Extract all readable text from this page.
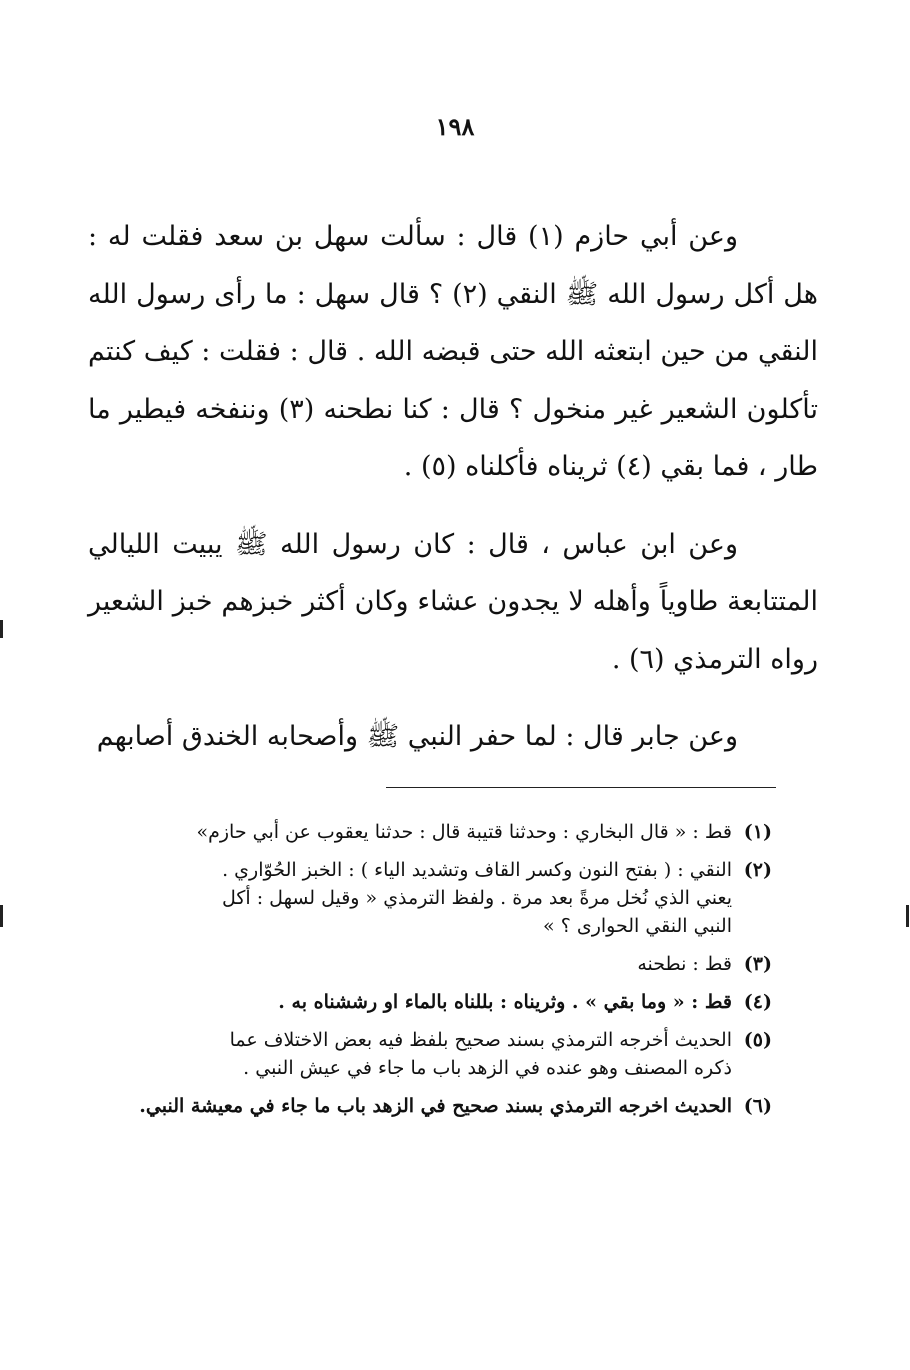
١٩٨

وعن أبي حازم (١) قال : سألت سهل بن سعد فقلت له : هل أكل رسول الله ﷺ النقي (٢) ؟ قال سهل : ما رأى رسول الله النقي من حين ابتعثه الله حتى قبضه الله . قال : فقلت : كيف كنتم تأكلون الشعير غير منخول ؟ قال : كنا نطحنه (٣) وننفخه فيطير ما طار ، فما بقي (٤) ثريناه فأكلناه (٥) .

وعن ابن عباس ، قال : كان رسول الله ﷺ يبيت الليالي المتتابعة طاوياً وأهله لا يجدون عشاء وكان أكثر خبزهم خبز الشعير رواه الترمذي (٦) .

وعن جابر قال : لما حفر النبي ﷺ وأصحابه الخندق أصابهم

(١)
قط : « قال البخاري : وحدثنا قتيبة قال : حدثنا يعقوب عن أبي حازم»
(٢)
النقي : ( بفتح النون وكسر القاف وتشديد الياء ) : الخبز الحُوّاري .
يعني الذي نُخل مرةً بعد مرة . ولفظ الترمذي « وقيل لسهل : أكل
النبي النقي الحوارى ؟ »
(٣)
قط : نطحنه
(٤)
قط : « وما بقي » . وثريناه : بللناه بالماء او رششناه به .
(٥)
الحديث أخرجه الترمذي بسند صحيح بلفظ فيه بعض الاختلاف عما
ذكره المصنف وهو عنده في الزهد باب ما جاء في عيش النبي .
(٦)
الحديث اخرجه الترمذي بسند صحيح في الزهد باب ما جاء في معيشة النبي.
